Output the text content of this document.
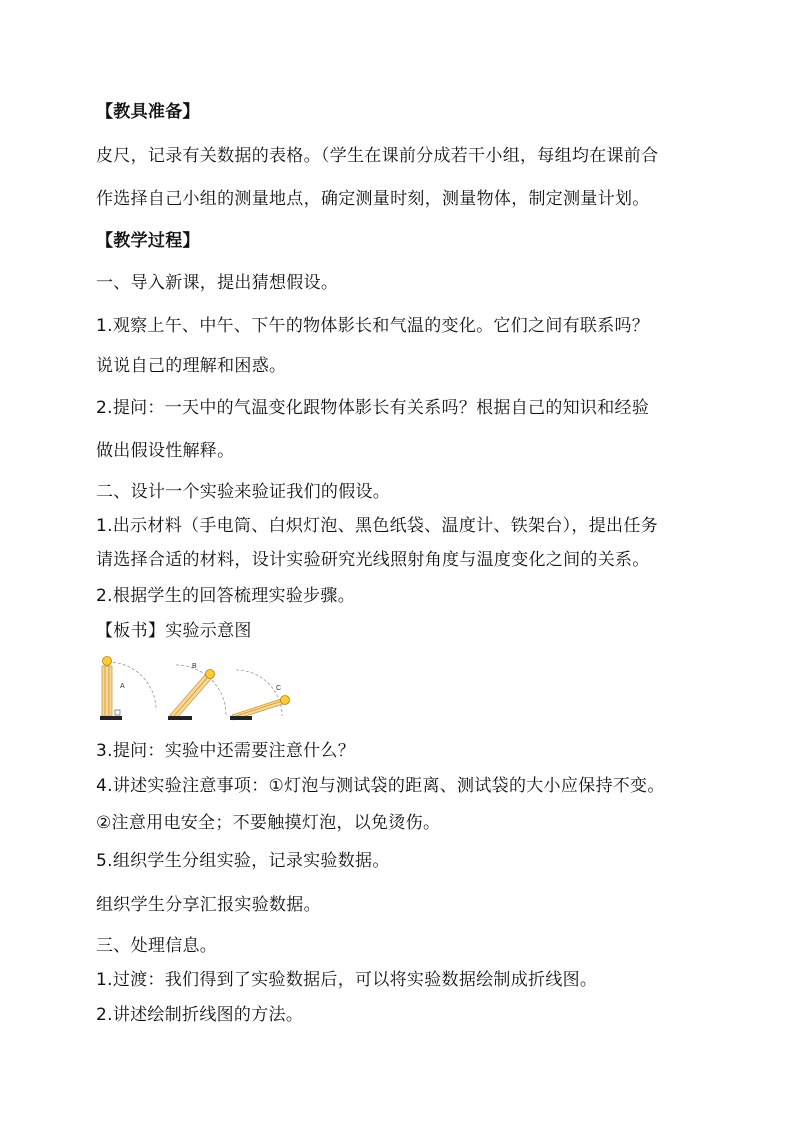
【教具准备】
皮尺，记录有关数据的表格。（学生在课前分成若干小组，每组均在课前合
作选择自己小组的测量地点，确定测量时刻，测量物体，制定测量计划。
【教学过程】
一、导入新课，提出猜想假设。
1.观察上午、中午、下午的物体影长和气温的变化。它们之间有联系吗？
说说自己的理解和困惑。
2.提问：一天中的气温变化跟物体影长有关系吗？根据自己的知识和经验
做出假设性解释。
二、设计一个实验来验证我们的假设。
1.出示材料（手电筒、白炽灯泡、黑色纸袋、温度计、铁架台），提出任务
请选择合适的材料，设计实验研究光线照射角度与温度变化之间的关系。
2.根据学生的回答梳理实验步骤。
【板书】实验示意图
A
B
C
3.提问：实验中还需要注意什么？
4.讲述实验注意事项：①灯泡与测试袋的距离、测试袋的大小应保持不变。
②注意用电安全；不要触摸灯泡，以免烫伤。
5.组织学生分组实验，记录实验数据。
组织学生分享汇报实验数据。
三、处理信息。
1.过渡：我们得到了实验数据后，可以将实验数据绘制成折线图。
2.讲述绘制折线图的方法。
